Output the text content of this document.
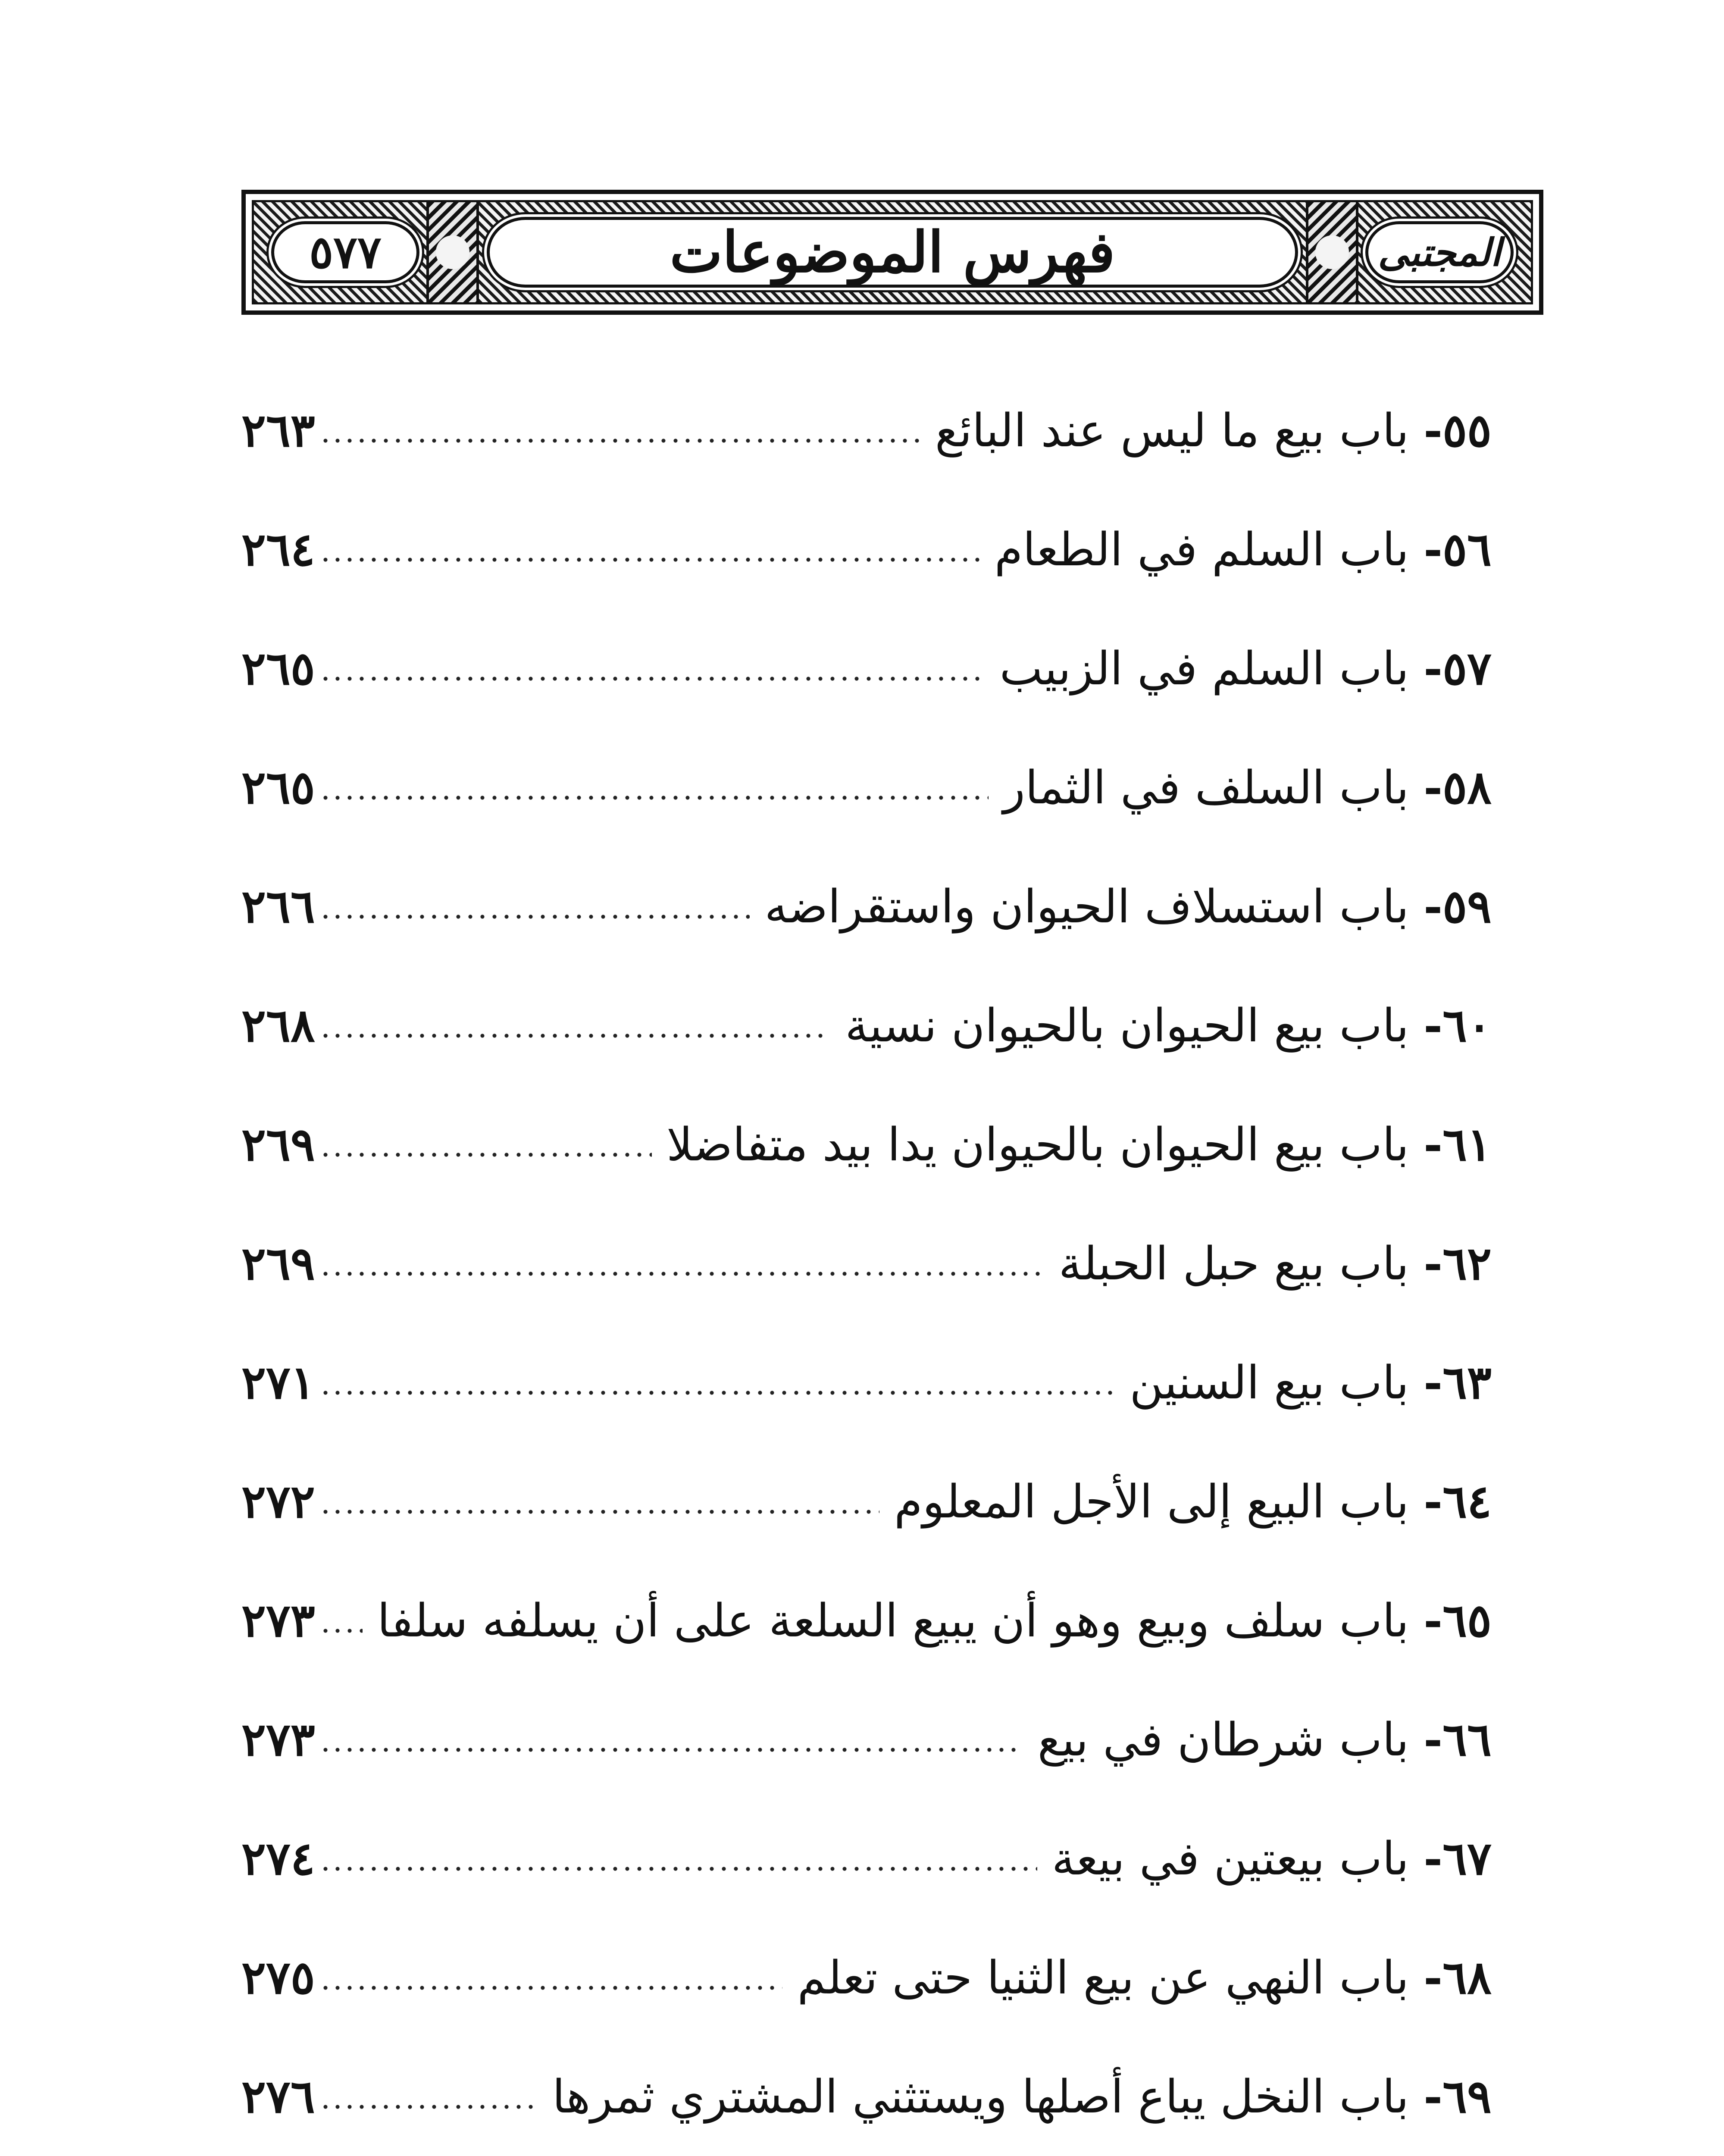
٥٧٧	فهرس الموضوعات	المجتبى
٥٥-
باب بيع ما ليس عند البائع
٢٦٣
٥٦-
باب السلم في الطعام
٢٦٤
٥٧-
باب السلم في الزبيب
٢٦٥
٥٨-
باب السلف في الثمار
٢٦٥
٥٩-
باب استسلاف الحيوان واستقراضه
٢٦٦
٦٠-
باب بيع الحيوان بالحيوان نسية
٢٦٨
٦١-
باب بيع الحيوان بالحيوان يدا بيد متفاضلا
٢٦٩
٦٢-
باب بيع حبل الحبلة
٢٦٩
٦٣-
باب بيع السنين
٢٧١
٦٤-
باب البيع إلى الأجل المعلوم
٢٧٢
٦٥-
باب سلف وبيع وهو أن يبيع السلعة على أن يسلفه سلفا
٢٧٣
٦٦-
باب شرطان في بيع
٢٧٣
٦٧-
باب بيعتين في بيعة
٢٧٤
٦٨-
باب النهي عن بيع الثنيا حتى تعلم
٢٧٥
٦٩-
باب النخل يباع أصلها ويستثني المشتري ثمرها
٢٧٦
